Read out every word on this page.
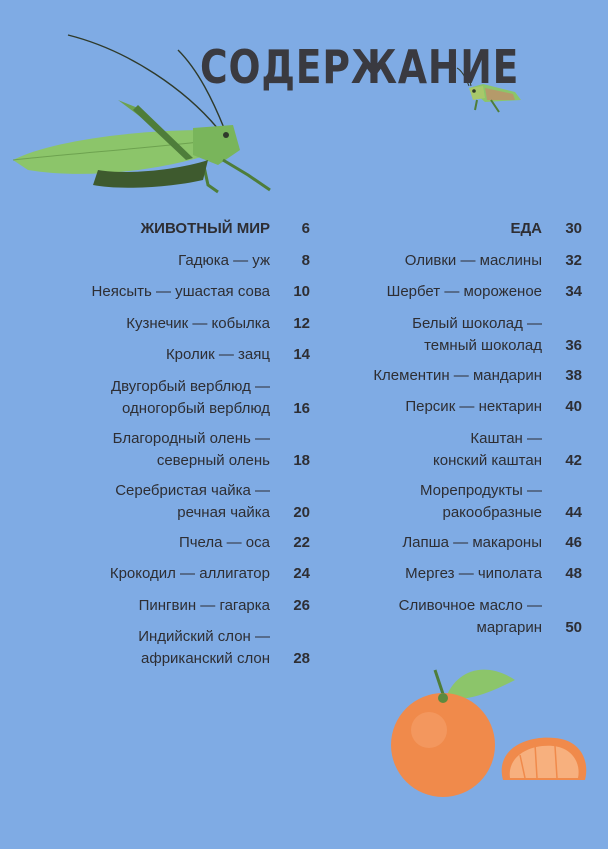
СОДЕРЖАНИЕ
ЖИВОТНЫЙ МИР	6
Гадюка — уж	8
Неясыть — ушастая сова	10
Кузнечик — кобылка	12
Кролик — заяц	14
Двугорбый верблюд —
одногорбый верблюд	16
Благородный олень —
северный олень	18
Серебристая чайка —
речная чайка	20
Пчела — оса	22
Крокодил — аллигатор	24
Пингвин — гагарка	26
Индийский слон —
африканский слон	28
ЕДА	30
Оливки — маслины	32
Шербет — мороженое	34
Белый шоколад —
темный шоколад	36
Клементин — мандарин	38
Персик — нектарин	40
Каштан —
конский каштан	42
Морепродукты —
ракообразные	44
Лапша — макароны	46
Мергез — чиполата	48
Сливочное масло —
маргарин	50
